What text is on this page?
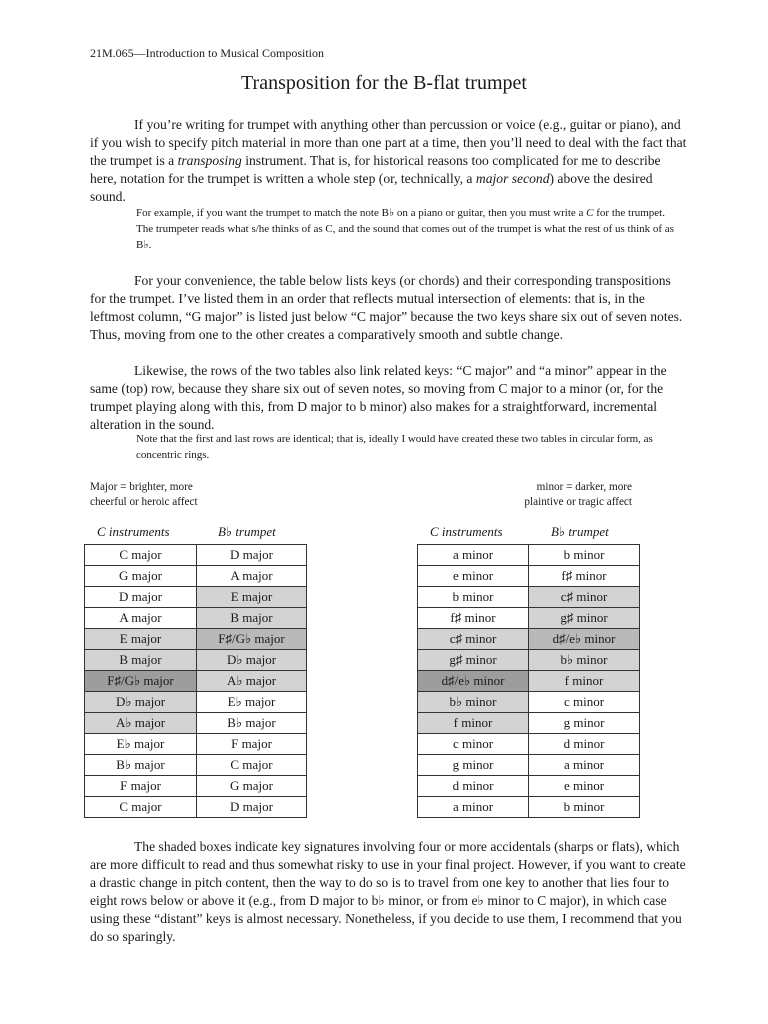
21M.065—Introduction to Musical Composition
Transposition for the B-flat trumpet

If you’re writing for trumpet with anything other than percussion or voice (e.g., guitar or piano), and if you wish to specify pitch material in more than one part at a time, then you’ll need to deal with the fact that the trumpet is a transposing instrument. That is, for historical reasons too complicated for me to describe here, notation for the trumpet is written a whole step (or, technically, a major second) above the desired sound.

For example, if you want the trumpet to match the note B♭ on a piano or guitar, then you must write a C for the trumpet. The trumpeter reads what s/he thinks of as C, and the sound that comes out of the trumpet is what the rest of us think of as B♭.

For your convenience, the table below lists keys (or chords) and their corresponding transpositions for the trumpet. I’ve listed them in an order that reflects mutual intersection of elements: that is, in the leftmost column, “G major” is listed just below “C major” because the two keys share six out of seven notes. Thus, moving from one to the other creates a comparatively smooth and subtle change.

Likewise, the rows of the two tables also link related keys: “C major” and “a minor” appear in the same (top) row, because they share six out of seven notes, so moving from C major to a minor (or, for the trumpet playing along with this, from D major to b minor) also makes for a straightforward, incremental alteration in the sound.

Note that the first and last rows are identical; that is, ideally I would have created these two tables in circular form, as concentric rings.

Major = brighter, more
cheerful or heroic affect
minor = darker, more
plaintive or tragic affect
C instruments	B♭ trumpet	C instruments	B♭ trumpet
C major	D major
G major	A major
D major	E major
A major	B major
E major	F♯/G♭ major
B major	D♭ major
F♯/G♭ major	A♭ major
D♭ major	E♭ major
A♭ major	B♭ major
E♭ major	F major
B♭ major	C major
F major	G major
C major	D major
a minor	b minor
e minor	f♯ minor
b minor	c♯ minor
f♯ minor	g♯ minor
c♯ minor	d♯/e♭ minor
g♯ minor	b♭ minor
d♯/e♭ minor	f minor
b♭ minor	c minor
f minor	g minor
c minor	d minor
g minor	a minor
d minor	e minor
a minor	b minor

The shaded boxes indicate key signatures involving four or more accidentals (sharps or flats), which are more difficult to read and thus somewhat risky to use in your final project. However, if you want to create a drastic change in pitch content, then the way to do so is to travel from one key to another that lies four to eight rows below or above it (e.g., from D major to b♭ minor, or from e♭ minor to C major), in which case using these “distant” keys is almost necessary. Nonetheless, if you decide to use them, I recommend that you do so sparingly.
